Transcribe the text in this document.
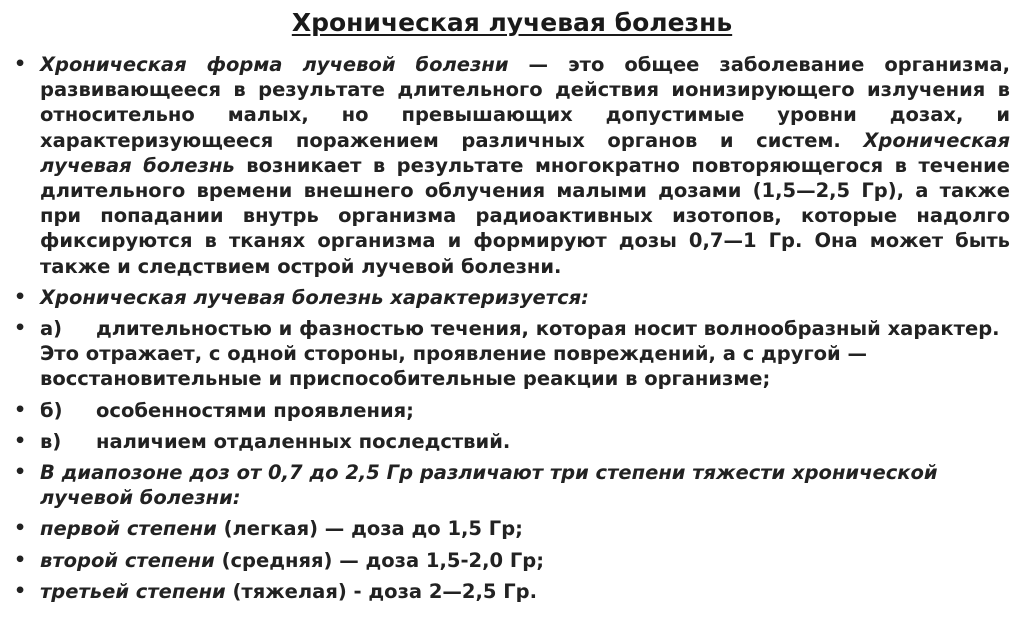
Хроническая лучевая болезнь
• Хроническая форма лучевой болезни — это общее заболевание организма, развивающееся в результате длительного действия ионизирующего излучения в относительно малых, но превышающих допустимые уровни дозах, и характеризующееся поражением различных органов и систем. Хроническая лучевая болезнь возникает в результате многократно повторяющегося в течение длительного времени внешнего облучения малыми дозами (1,5—2,5 Гр), а также при попадании внутрь организма радиоактивных изотопов, которые надолго фиксируются в тканях организма и формируют дозы 0,7—1 Гр. Она может быть также и следствием острой лучевой болезни.
• Хроническая лучевая болезнь характеризуется:
• а) длительностью и фазностью течения, которая носит волнообразный характер. Это отражает, с одной стороны, проявление повреждений, а с другой — восстановительные и приспособительные реакции в организме;
• б) особенностями проявления;
• в) наличием отдаленных последствий.
• В диапозоне доз от 0,7 до 2,5 Гр различают три степени тяжести хронической лучевой болезни:
• первой степени (легкая) — доза до 1,5 Гр;
• второй степени (средняя) — доза 1,5-2,0 Гр;
• третьей степени (тяжелая) - доза 2—2,5 Гр.
